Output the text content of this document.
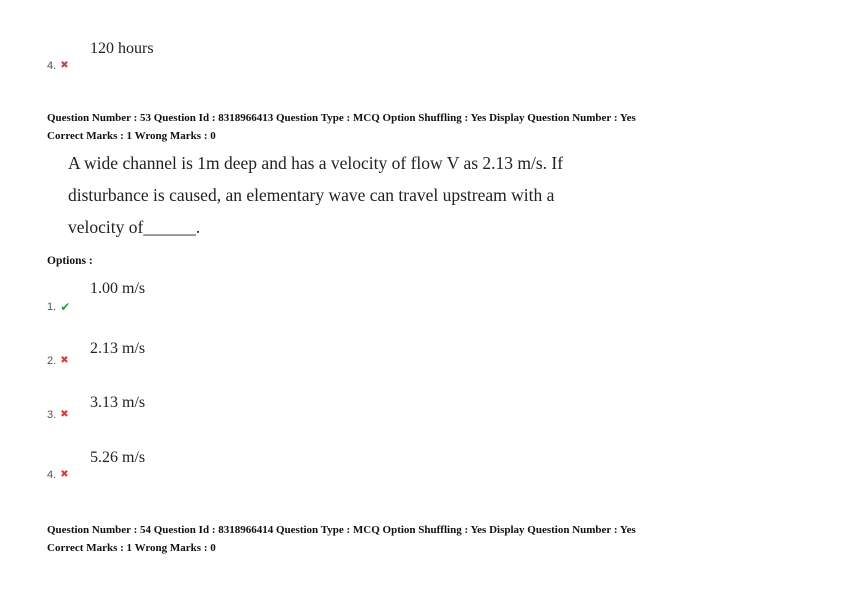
120 hours
4. ✖
Question Number : 53 Question Id : 8318966413 Question Type : MCQ Option Shuffling : Yes Display Question Number : Yes
Correct Marks : 1 Wrong Marks : 0
A wide channel is 1m deep and has a velocity of flow V as 2.13 m/s. If
disturbance is caused, an elementary wave can travel upstream with a
velocity of______.
Options :
1.00 m/s
1. ✔
2.13 m/s
2. ✖
3.13 m/s
3. ✖
5.26 m/s
4. ✖
Question Number : 54 Question Id : 8318966414 Question Type : MCQ Option Shuffling : Yes Display Question Number : Yes
Correct Marks : 1 Wrong Marks : 0
